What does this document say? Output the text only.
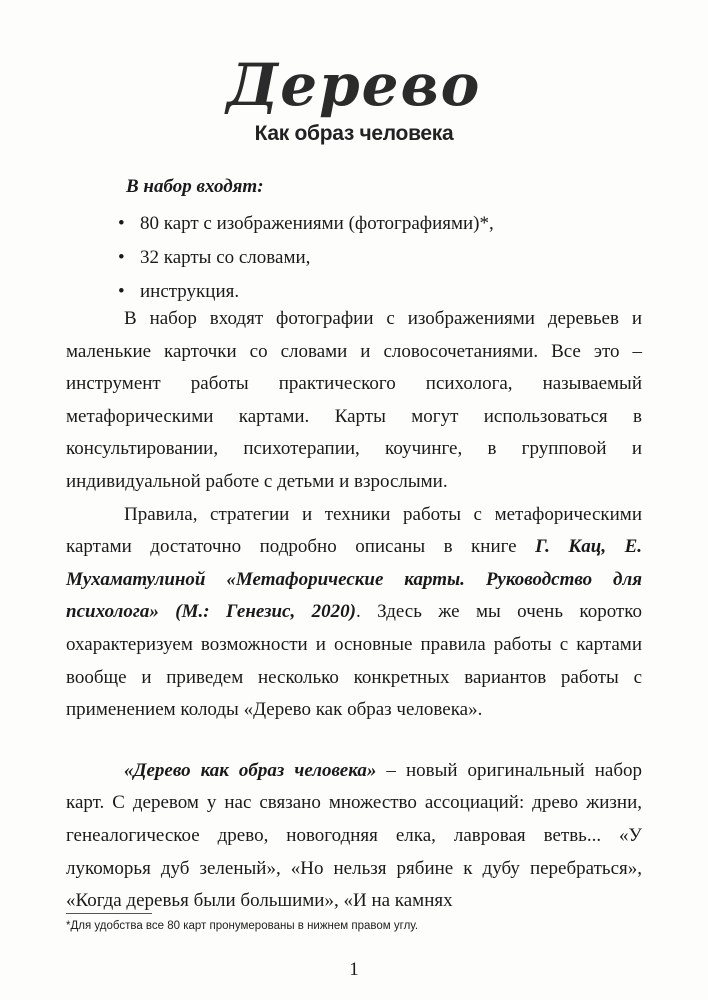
Дерево
Как образ человека
В набор входят:
• 80 карт с изображениями (фотографиями)*,
• 32 карты со словами,
• инструкция.

В набор входят фотографии с изображениями деревьев и маленькие карточки со словами и словосочетаниями. Все это – инструмент работы практического психолога, называемый метафорическими картами. Карты могут использоваться в консультировании, психотерапии, коучинге, в групповой и индивидуальной работе с детьми и взрослыми.

Правила, стратегии и техники работы с метафорическими картами достаточно подробно описаны в книге Г. Кац, Е. Мухаматулиной «Метафорические карты. Руководство для психолога» (М.: Генезис, 2020). Здесь же мы очень коротко охарактеризуем возможности и основные правила работы с картами вообще и приведем несколько конкретных вариантов работы с применением колоды «Дерево как образ человека».

«Дерево как образ человека» – новый оригинальный набор карт. С деревом у нас связано множество ассоциаций: древо жизни, генеалогическое древо, новогодняя елка, лавровая ветвь... «У лукоморья дуб зеленый», «Но нельзя рябине к дубу перебраться», «Когда деревья были большими», «И на камнях

*Для удобства все 80 карт пронумерованы в нижнем правом углу.
1
